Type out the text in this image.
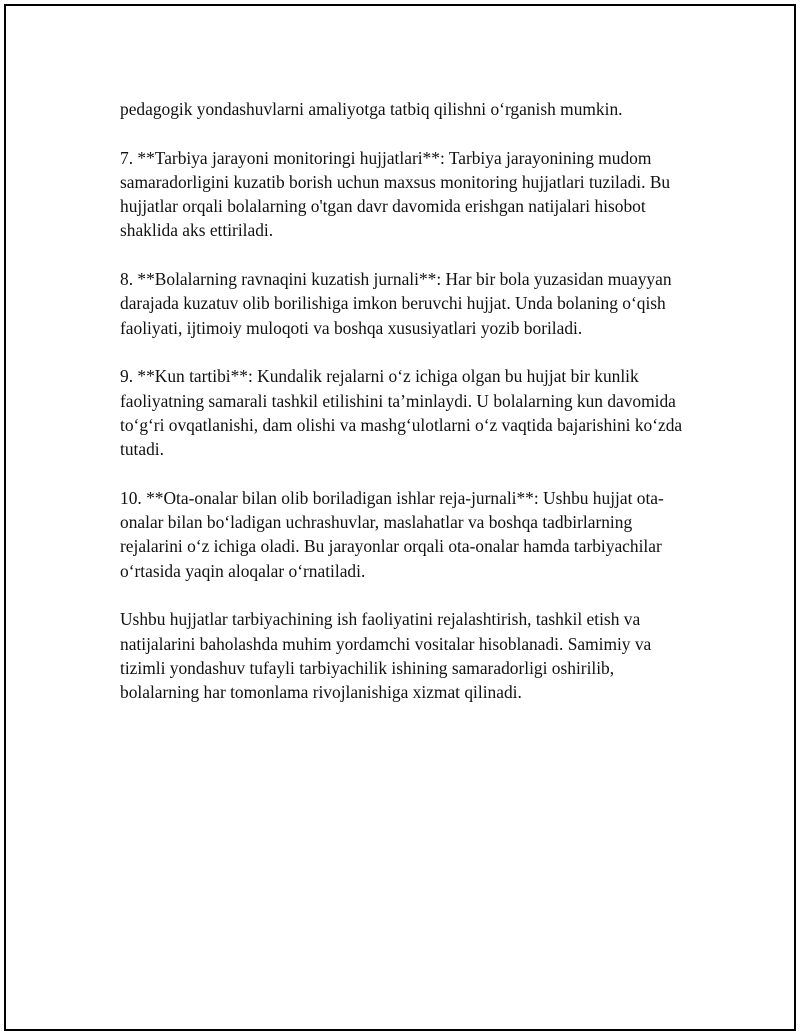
pedagogik yondashuvlarni amaliyotga tatbiq qilishni o‘rganish mumkin.

7. **Tarbiya jarayoni monitoringi hujjatlari**: Tarbiya jarayonining mudom samaradorligini kuzatib borish uchun maxsus monitoring hujjatlari tuziladi. Bu hujjatlar orqali bolalarning o'tgan davr davomida erishgan natijalari hisobot shaklida aks ettiriladi.

8. **Bolalarning ravnaqini kuzatish jurnali**: Har bir bola yuzasidan muayyan darajada kuzatuv olib borilishiga imkon beruvchi hujjat. Unda bolaning o‘qish faoliyati, ijtimoiy muloqoti va boshqa xususiyatlari yozib boriladi.

9. **Kun tartibi**: Kundalik rejalarni o‘z ichiga olgan bu hujjat bir kunlik faoliyatning samarali tashkil etilishini ta’minlaydi. U bolalarning kun davomida to‘g‘ri ovqatlanishi, dam olishi va mashg‘ulotlarni o‘z vaqtida bajarishini ko‘zda tutadi.

10. **Ota-onalar bilan olib boriladigan ishlar reja-jurnali**: Ushbu hujjat ota-onalar bilan bo‘ladigan uchrashuvlar, maslahatlar va boshqa tadbirlarning rejalarini o‘z ichiga oladi. Bu jarayonlar orqali ota-onalar hamda tarbiyachilar o‘rtasida yaqin aloqalar o‘rnatiladi.

Ushbu hujjatlar tarbiyachining ish faoliyatini rejalashtirish, tashkil etish va natijalarini baholashda muhim yordamchi vositalar hisoblanadi. Samimiy va tizimli yondashuv tufayli tarbiyachilik ishining samaradorligi oshirilib, bolalarning har tomonlama rivojlanishiga xizmat qilinadi.
